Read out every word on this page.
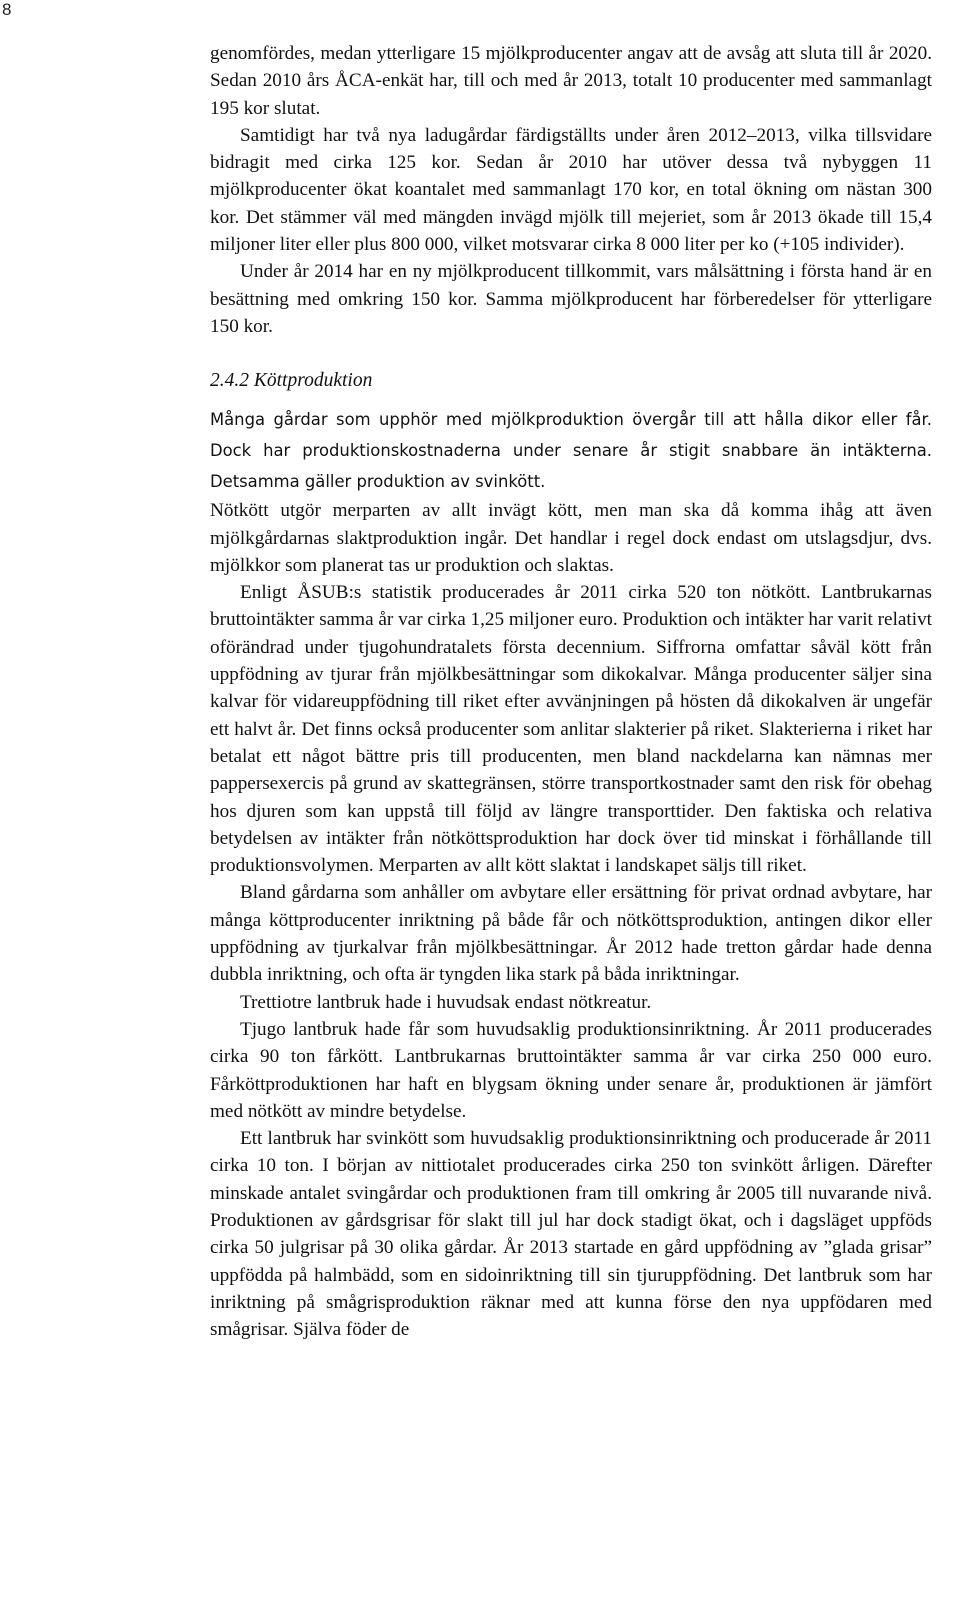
8

genomfördes, medan ytterligare 15 mjölkproducenter angav att de avsåg att sluta till år 2020. Sedan 2010 års ÅCA-enkät har, till och med år 2013, totalt 10 producenter med sammanlagt 195 kor slutat.

Samtidigt har två nya ladugårdar färdigställts under åren 2012–2013, vilka tillsvidare bidragit med cirka 125 kor. Sedan år 2010 har utöver dessa två nybyggen 11 mjölkproducenter ökat koantalet med sammanlagt 170 kor, en total ökning om nästan 300 kor. Det stämmer väl med mängden invägd mjölk till mejeriet, som år 2013 ökade till 15,4 miljoner liter eller plus 800 000, vilket motsvarar cirka 8 000 liter per ko (+105 individer).

Under år 2014 har en ny mjölkproducent tillkommit, vars målsättning i första hand är en besättning med omkring 150 kor. Samma mjölkproducent har förberedelser för ytterligare 150 kor.

2.4.2 Köttproduktion

Många gårdar som upphör med mjölkproduktion övergår till att hålla dikor eller får. Dock har produktionskostnaderna under senare år stigit snabbare än intäkterna. Detsamma gäller produktion av svinkött.

Nötkött utgör merparten av allt invägt kött, men man ska då komma ihåg att även mjölkgårdarnas slaktproduktion ingår. Det handlar i regel dock endast om utslagsdjur, dvs. mjölkkor som planerat tas ur produktion och slaktas.

Enligt ÅSUB:s statistik producerades år 2011 cirka 520 ton nötkött. Lantbrukarnas bruttointäkter samma år var cirka 1,25 miljoner euro. Produktion och intäkter har varit relativt oförändrad under tjugohundratalets första decennium. Siffrorna omfattar såväl kött från uppfödning av tjurar från mjölkbesättningar som dikokalvar. Många producenter säljer sina kalvar för vidareuppfödning till riket efter avvänjningen på hösten då dikokalven är ungefär ett halvt år. Det finns också producenter som anlitar slakterier på riket. Slakterierna i riket har betalat ett något bättre pris till producenten, men bland nackdelarna kan nämnas mer pappersexercis på grund av skattegränsen, större transportkostnader samt den risk för obehag hos djuren som kan uppstå till följd av längre transporttider. Den faktiska och relativa betydelsen av intäkter från nötköttsproduktion har dock över tid minskat i förhållande till produktionsvolymen. Merparten av allt kött slaktat i landskapet säljs till riket.

Bland gårdarna som anhåller om avbytare eller ersättning för privat ordnad avbytare, har många köttproducenter inriktning på både får och nötköttsproduktion, antingen dikor eller uppfödning av tjurkalvar från mjölkbesättningar. År 2012 hade tretton gårdar hade denna dubbla inriktning, och ofta är tyngden lika stark på båda inriktningar.

Trettiotre lantbruk hade i huvudsak endast nötkreatur.

Tjugo lantbruk hade får som huvudsaklig produktionsinriktning. År 2011 producerades cirka 90 ton fårkött. Lantbrukarnas bruttointäkter samma år var cirka 250 000 euro. Fårköttproduktionen har haft en blygsam ökning under senare år, produktionen är jämfört med nötkött av mindre betydelse.

Ett lantbruk har svinkött som huvudsaklig produktionsinriktning och producerade år 2011 cirka 10 ton. I början av nittiotalet producerades cirka 250 ton svinkött årligen. Därefter minskade antalet svingårdar och produktionen fram till omkring år 2005 till nuvarande nivå. Produktionen av gårdsgrisar för slakt till jul har dock stadigt ökat, och i dagsläget uppföds cirka 50 julgrisar på 30 olika gårdar. År 2013 startade en gård uppfödning av ”glada grisar” uppfödda på halmbädd, som en sidoinriktning till sin tjuruppfödning. Det lantbruk som har inriktning på smågrisproduktion räknar med att kunna förse den nya uppfödaren med smågrisar. Själva föder de
